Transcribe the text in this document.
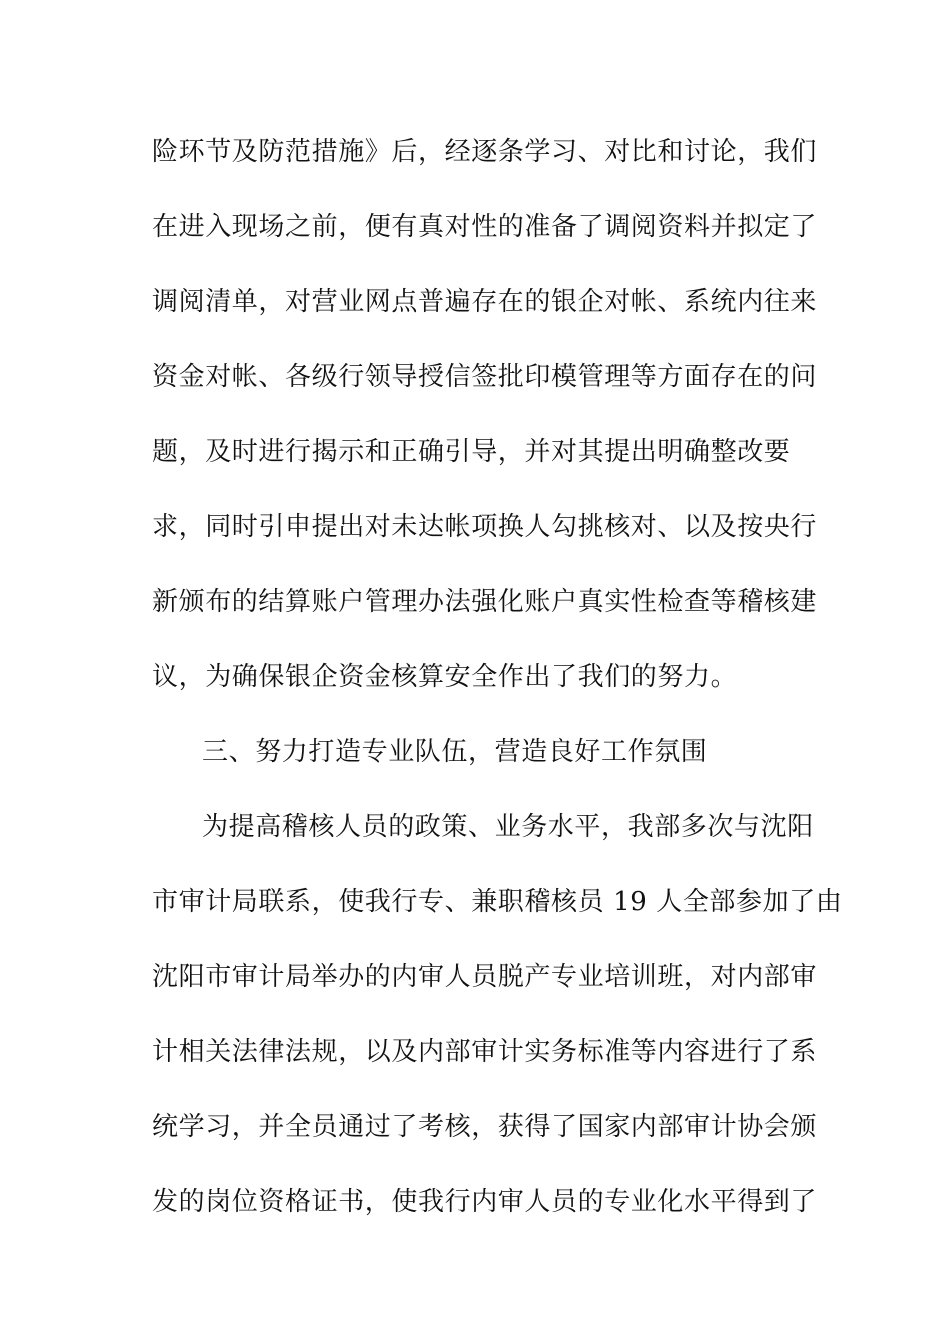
险环节及防范措施》后，经逐条学习、对比和讨论，我们
在进入现场之前，便有真对性的准备了调阅资料并拟定了
调阅清单，对营业网点普遍存在的银企对帐、系统内往来
资金对帐、各级行领导授信签批印模管理等方面存在的问
题，及时进行揭示和正确引导，并对其提出明确整改要
求，同时引申提出对未达帐项换人勾挑核对、以及按央行
新颁布的结算账户管理办法强化账户真实性检查等稽核建
议，为确保银企资金核算安全作出了我们的努力。
三、努力打造专业队伍，营造良好工作氛围
为提高稽核人员的政策、业务水平，我部多次与沈阳
市审计局联系，使我行专、兼职稽核员 19 人全部参加了由
沈阳市审计局举办的内审人员脱产专业培训班，对内部审
计相关法律法规，以及内部审计实务标准等内容进行了系
统学习，并全员通过了考核，获得了国家内部审计协会颁
发的岗位资格证书，使我行内审人员的专业化水平得到了
